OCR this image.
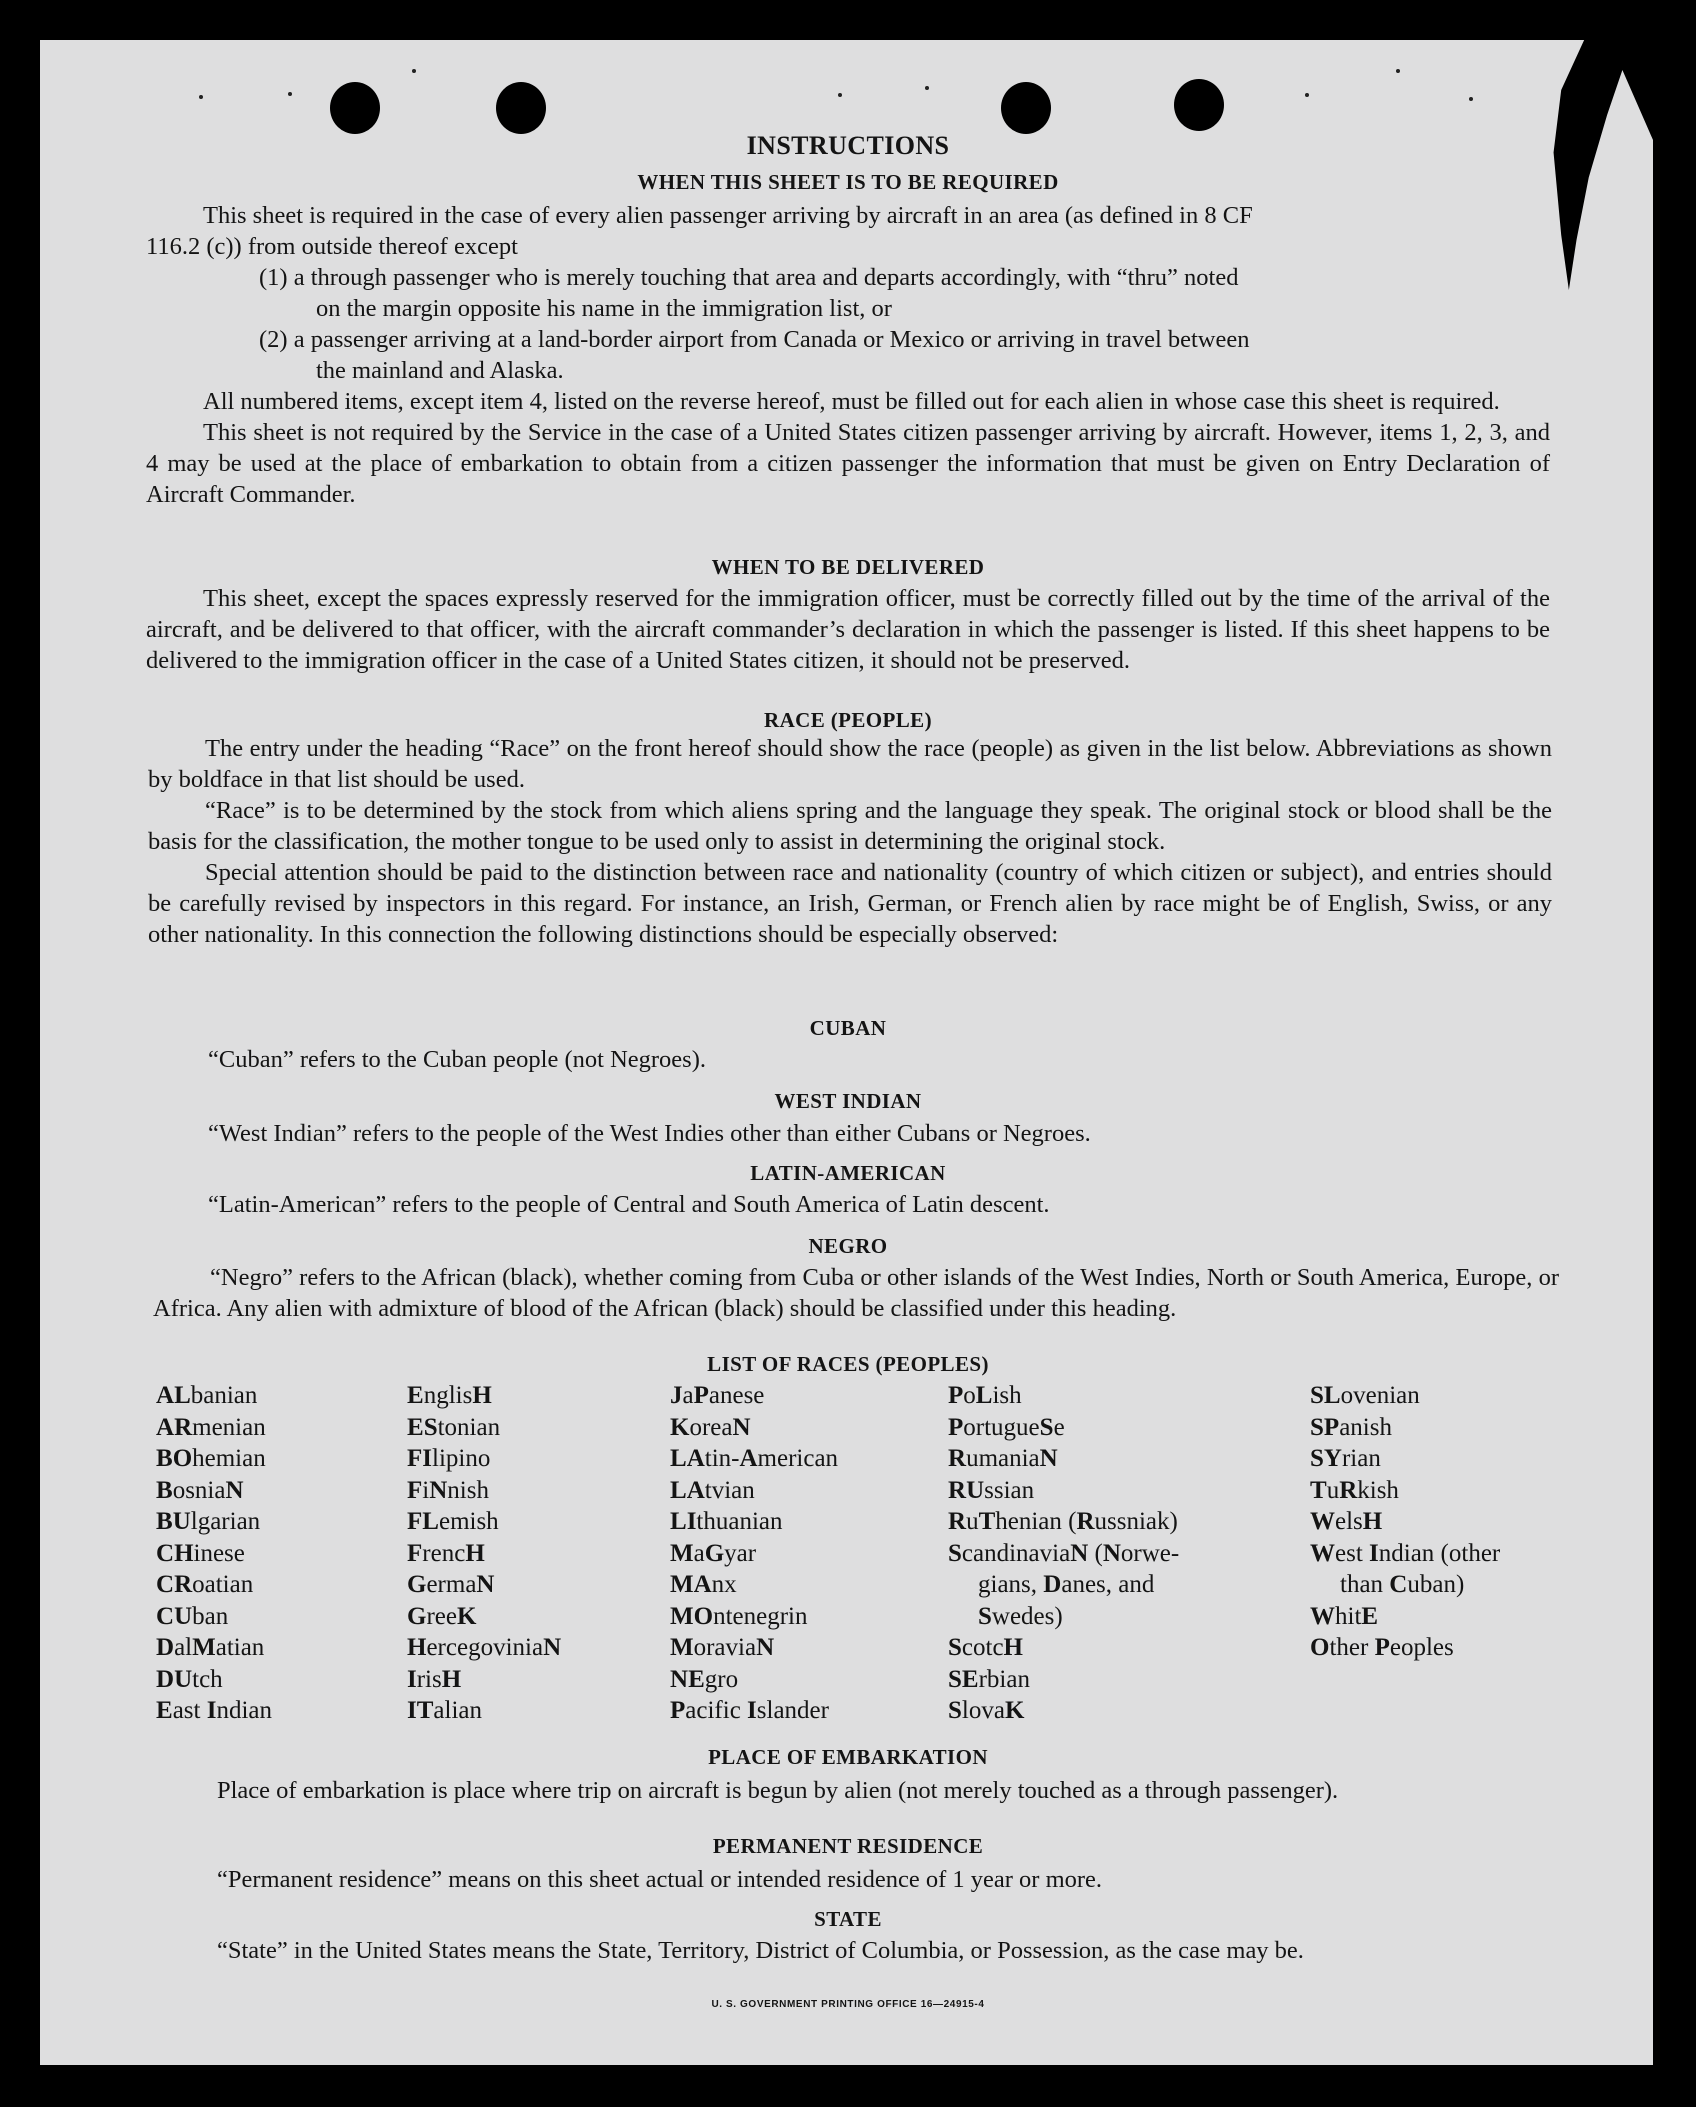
INSTRUCTIONS
WHEN THIS SHEET IS TO BE REQUIRED
This sheet is required in the case of every alien passenger arriving by aircraft in an area (as defined in 8 CF
116.2 (c)) from outside thereof except
(1) a through passenger who is merely touching that area and departs accordingly, with “thru” noted
on the margin opposite his name in the immigration list, or
(2) a passenger arriving at a land-border airport from Canada or Mexico or arriving in travel between
the mainland and Alaska.
All numbered items, except item 4, listed on the reverse hereof, must be filled out for each alien in whose case this sheet is required.
This sheet is not required by the Service in the case of a United States citizen passenger arriving by aircraft. However, items 1, 2, 3, and 4 may be used at the place of embarkation to obtain from a citizen passenger the information that must be given on Entry Declaration of Aircraft Commander.
WHEN TO BE DELIVERED
This sheet, except the spaces expressly reserved for the immigration officer, must be correctly filled out by the time of the arrival of the aircraft, and be delivered to that officer, with the aircraft commander’s declaration in which the passenger is listed. If this sheet happens to be delivered to the immigration officer in the case of a United States citizen, it should not be preserved.
RACE (PEOPLE)
The entry under the heading “Race” on the front hereof should show the race (people) as given in the list below. Abbreviations as shown by boldface in that list should be used.
“Race” is to be determined by the stock from which aliens spring and the language they speak. The original stock or blood shall be the basis for the classification, the mother tongue to be used only to assist in determining the original stock.
Special attention should be paid to the distinction between race and nationality (country of which citizen or subject), and entries should be carefully revised by inspectors in this regard. For instance, an Irish, German, or French alien by race might be of English, Swiss, or any other nationality. In this connection the following distinctions should be especially observed:
CUBAN
“Cuban” refers to the Cuban people (not Negroes).
WEST INDIAN
“West Indian” refers to the people of the West Indies other than either Cubans or Negroes.
LATIN-AMERICAN
“Latin-American” refers to the people of Central and South America of Latin descent.
NEGRO
“Negro” refers to the African (black), whether coming from Cuba or other islands of the West Indies, North or South America, Europe, or Africa. Any alien with admixture of blood of the African (black) should be classified under this heading.
LIST OF RACES (PEOPLES)
ALbanian
ARmenian
BOhemian
BosniaN
BUlgarian
CHinese
CRoatian
CUban
DalMatian
DUtch
East Indian
EnglisH
EStonian
FIlipino
FiNnish
FLemish
FrencH
GermaN
GreeK
HercegoviniaN
IrisH
ITalian
JaPanese
KoreaN
LAtin-American
LAtvian
LIthuanian
MaGyar
MAnx
MOntenegrin
MoraviaN
NEgro
Pacific Islander
PoLish
PortugueSe
RumaniaN
RUssian
RuThenian (Russniak)
ScandinaviaN (Norwe-
gians, Danes, and
Swedes)
ScotcH
SErbian
SlovaK
SLovenian
SPanish
SYrian
TuRkish
WelsH
West Indian (other
than Cuban)
WhitE
Other Peoples
PLACE OF EMBARKATION
Place of embarkation is place where trip on aircraft is begun by alien (not merely touched as a through passenger).
PERMANENT RESIDENCE
“Permanent residence” means on this sheet actual or intended residence of 1 year or more.
STATE
“State” in the United States means the State, Territory, District of Columbia, or Possession, as the case may be.
U. S. GOVERNMENT PRINTING OFFICE 16—24915-4
